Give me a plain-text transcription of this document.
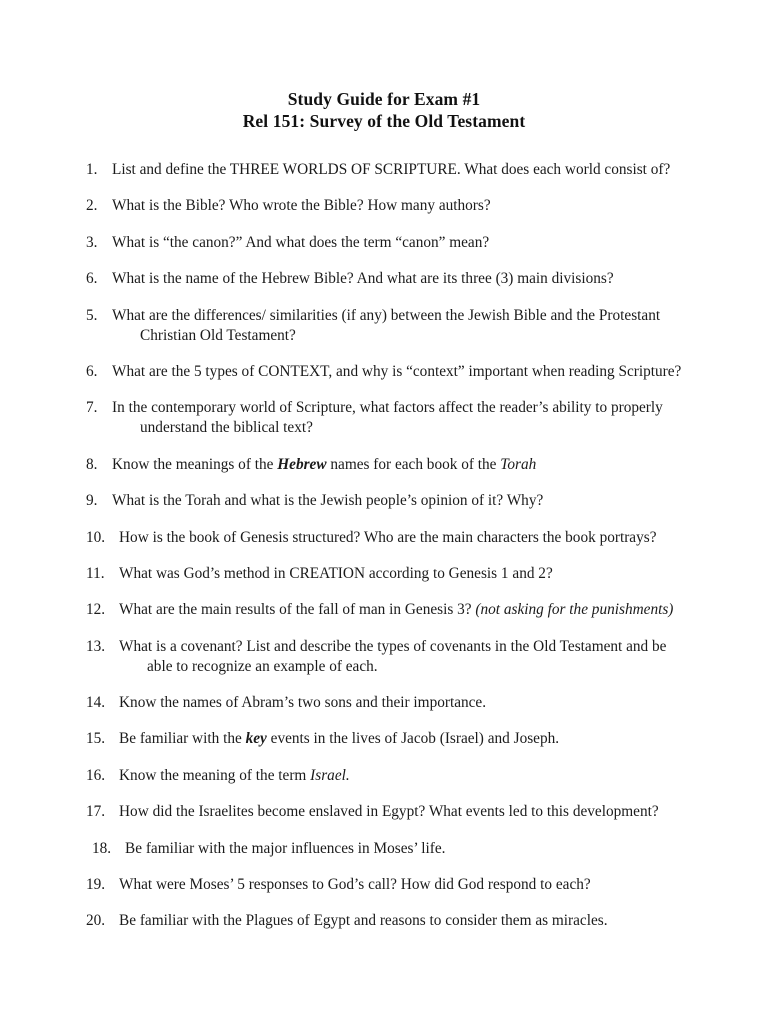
Study Guide for Exam #1
Rel 151: Survey of the Old Testament
1. List and define the THREE WORLDS OF SCRIPTURE. What does each world consist of?
2. What is the Bible? Who wrote the Bible? How many authors?
3. What is “the canon?” And what does the term “canon” mean?
6. What is the name of the Hebrew Bible? And what are its three (3) main divisions?
5. What are the differences/ similarities (if any) between the Jewish Bible and the Protestant
Christian Old Testament?
6. What are the 5 types of CONTEXT, and why is “context” important when reading Scripture?
7. In the contemporary world of Scripture, what factors affect the reader’s ability to properly
understand the biblical text?
8. Know the meanings of the Hebrew names for each book of the Torah
9. What is the Torah and what is the Jewish people’s opinion of it? Why?
10. How is the book of Genesis structured? Who are the main characters the book portrays?
11. What was God’s method in CREATION according to Genesis 1 and 2?
12. What are the main results of the fall of man in Genesis 3? (not asking for the punishments)
13. What is a covenant? List and describe the types of covenants in the Old Testament and be
able to recognize an example of each.
14. Know the names of Abram’s two sons and their importance.
15. Be familiar with the key events in the lives of Jacob (Israel) and Joseph.
16. Know the meaning of the term Israel.
17. How did the Israelites become enslaved in Egypt? What events led to this development?
18. Be familiar with the major influences in Moses’ life.
19. What were Moses’ 5 responses to God’s call? How did God respond to each?
20. Be familiar with the Plagues of Egypt and reasons to consider them as miracles.
